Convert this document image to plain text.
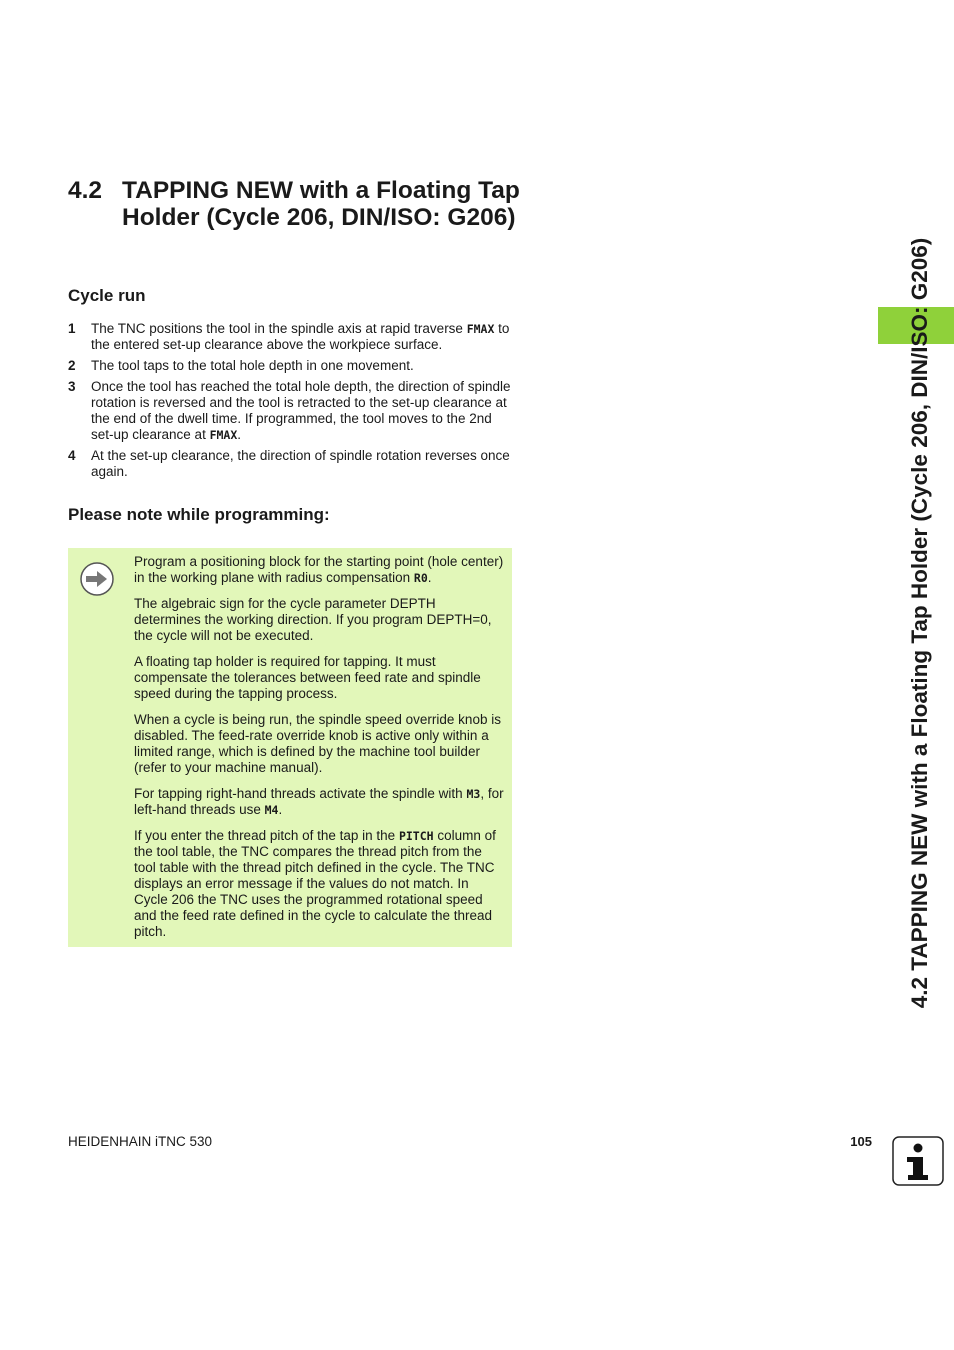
4.2 TAPPING NEW with a Floating Tap Holder (Cycle 206, DIN/ISO: G206)
Cycle run
1 The TNC positions the tool in the spindle axis at rapid traverse FMAX to the entered set-up clearance above the workpiece surface.
2 The tool taps to the total hole depth in one movement.
3 Once the tool has reached the total hole depth, the direction of spindle rotation is reversed and the tool is retracted to the set-up clearance at the end of the dwell time. If programmed, the tool moves to the 2nd set-up clearance at FMAX.
4 At the set-up clearance, the direction of spindle rotation reverses once again.
Please note while programming:

Program a positioning block for the starting point (hole center) in the working plane with radius compensation R0.

The algebraic sign for the cycle parameter DEPTH determines the working direction. If you program DEPTH=0, the cycle will not be executed.

A floating tap holder is required for tapping. It must compensate the tolerances between feed rate and spindle speed during the tapping process.

When a cycle is being run, the spindle speed override knob is disabled. The feed-rate override knob is active only within a limited range, which is defined by the machine tool builder (refer to your machine manual).

For tapping right-hand threads activate the spindle with M3, for left-hand threads use M4.

If you enter the thread pitch of the tap in the PITCH column of the tool table, the TNC compares the thread pitch from the tool table with the thread pitch defined in the cycle. The TNC displays an error message if the values do not match. In Cycle 206 the TNC uses the programmed rotational speed and the feed rate defined in the cycle to calculate the thread pitch.	4.2 TAPPING NEW with a Floating Tap Holder (Cycle 206, DIN/ISO: G206)
HEIDENHAIN iTNC 530	105
